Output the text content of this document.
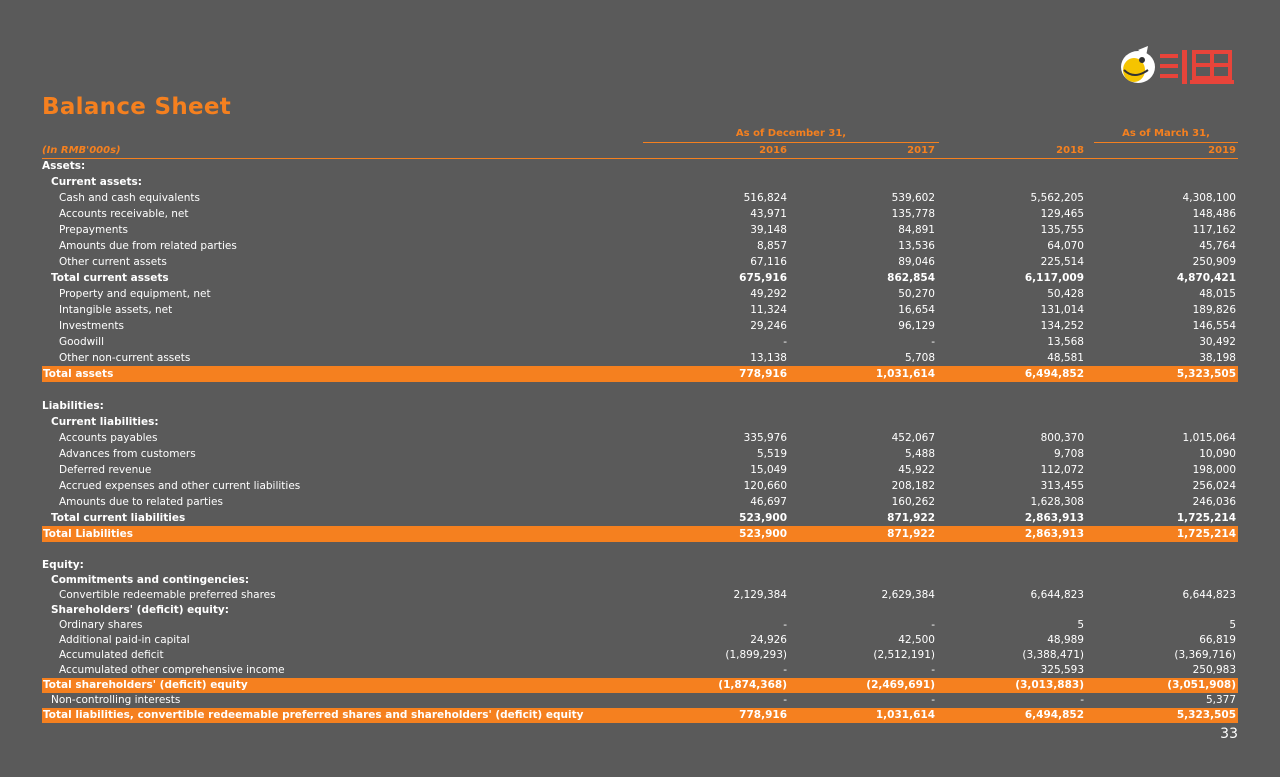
Balance Sheet
As of December 31,	As of March 31,
(In RMB'000s)	2016	2017	2018	2019
Assets:
Current assets:
Cash and cash equivalents	516,824	539,602	5,562,205	4,308,100
Accounts receivable, net	43,971	135,778	129,465	148,486
Prepayments	39,148	84,891	135,755	117,162
Amounts due from related parties	8,857	13,536	64,070	45,764
Other current assets	67,116	89,046	225,514	250,909
Total current assets	675,916	862,854	6,117,009	4,870,421
Property and equipment, net	49,292	50,270	50,428	48,015
Intangible assets, net	11,324	16,654	131,014	189,826
Investments	29,246	96,129	134,252	146,554
Goodwill	-	-	13,568	30,492
Other non-current assets	13,138	5,708	48,581	38,198
Total assets	778,916	1,031,614	6,494,852	5,323,505
Liabilities:
Current liabilities:
Accounts payables	335,976	452,067	800,370	1,015,064
Advances from customers	5,519	5,488	9,708	10,090
Deferred revenue	15,049	45,922	112,072	198,000
Accrued expenses and other current liabilities	120,660	208,182	313,455	256,024
Amounts due to related parties	46,697	160,262	1,628,308	246,036
Total current liabilities	523,900	871,922	2,863,913	1,725,214
Total Liabilities	523,900	871,922	2,863,913	1,725,214
Equity:
Commitments and contingencies:
Convertible redeemable preferred shares	2,129,384	2,629,384	6,644,823	6,644,823
Shareholders' (deficit) equity:
Ordinary shares	-	-	5	5
Additional paid-in capital	24,926	42,500	48,989	66,819
Accumulated deficit	(1,899,293)	(2,512,191)	(3,388,471)	(3,369,716)
Accumulated other comprehensive income	-	-	325,593	250,983
Total shareholders' (deficit) equity	(1,874,368)	(2,469,691)	(3,013,883)	(3,051,908)
Non-controlling interests	-	-	-	5,377
Total liabilities, convertible redeemable preferred shares and shareholders' (deficit) equity	778,916	1,031,614	6,494,852	5,323,505
33
